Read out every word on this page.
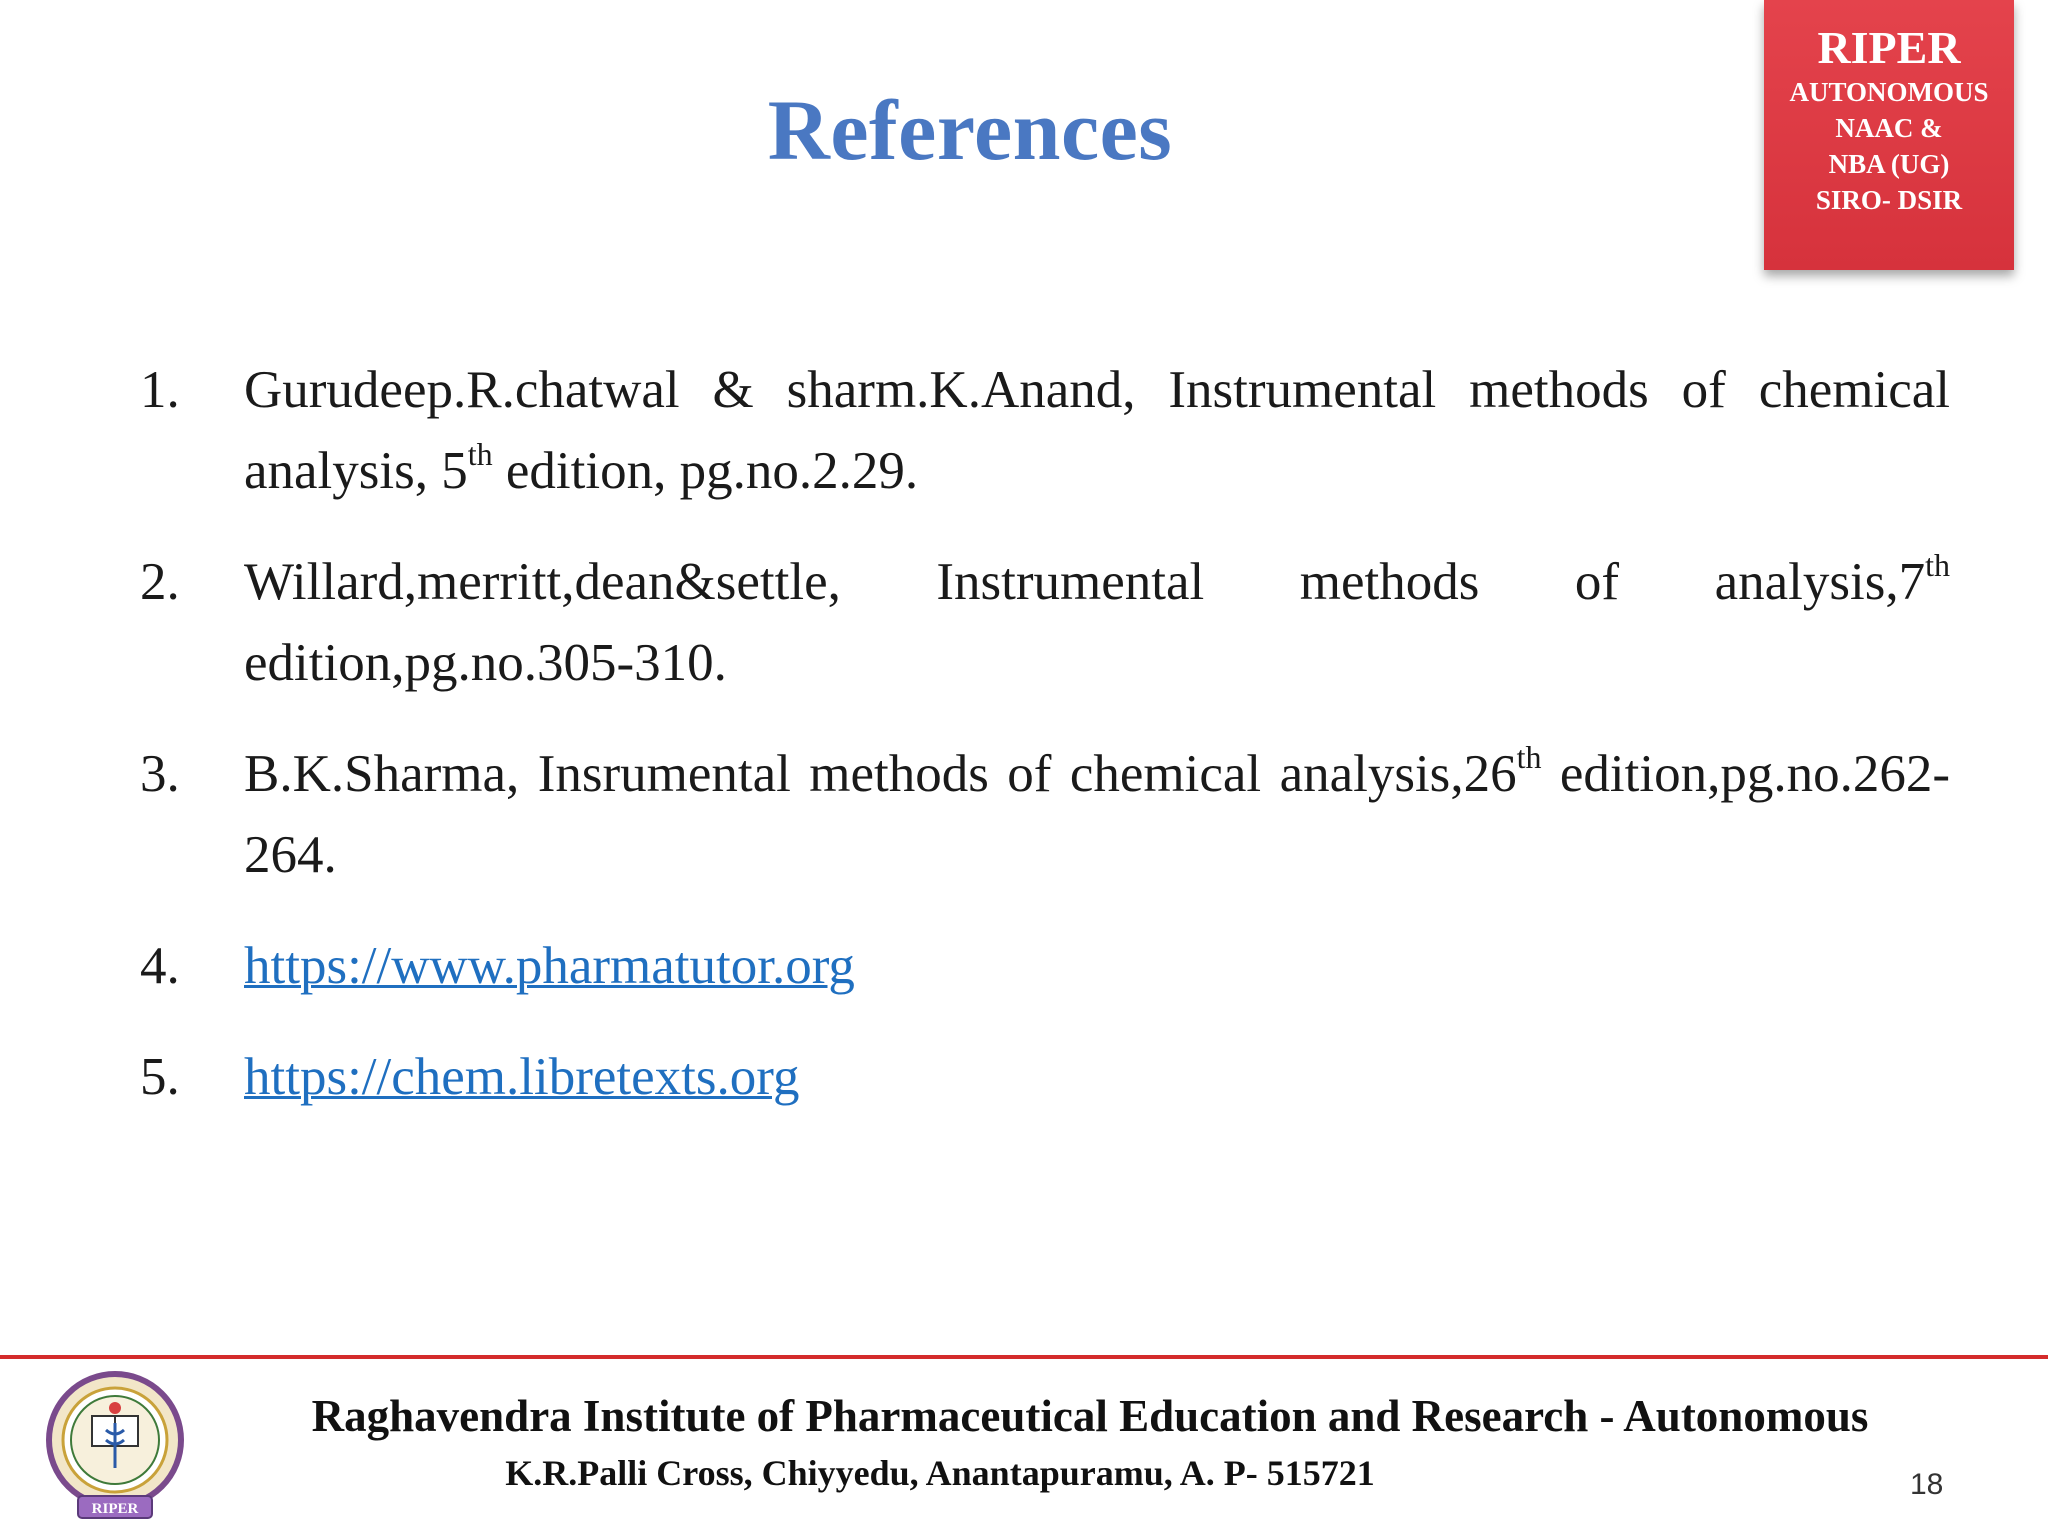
References
RIPER
AUTONOMOUS
NAAC &
NBA (UG)
SIRO- DSIR
1. Gurudeep.R.chatwal & sharm.K.Anand, Instrumental methods of chemical analysis, 5th edition, pg.no.2.29.
2. Willard,merritt,dean&settle, Instrumental methods of analysis,7th edition,pg.no.305-310.
3. B.K.Sharma, Insrumental methods of chemical analysis,26th edition,pg.no.262-264.
4. https://www.pharmatutor.org
5. https://chem.libretexts.org
RIPER
Raghavendra Institute of Pharmaceutical Education and Research - Autonomous
K.R.Palli Cross, Chiyyedu, Anantapuramu, A. P- 515721	18
